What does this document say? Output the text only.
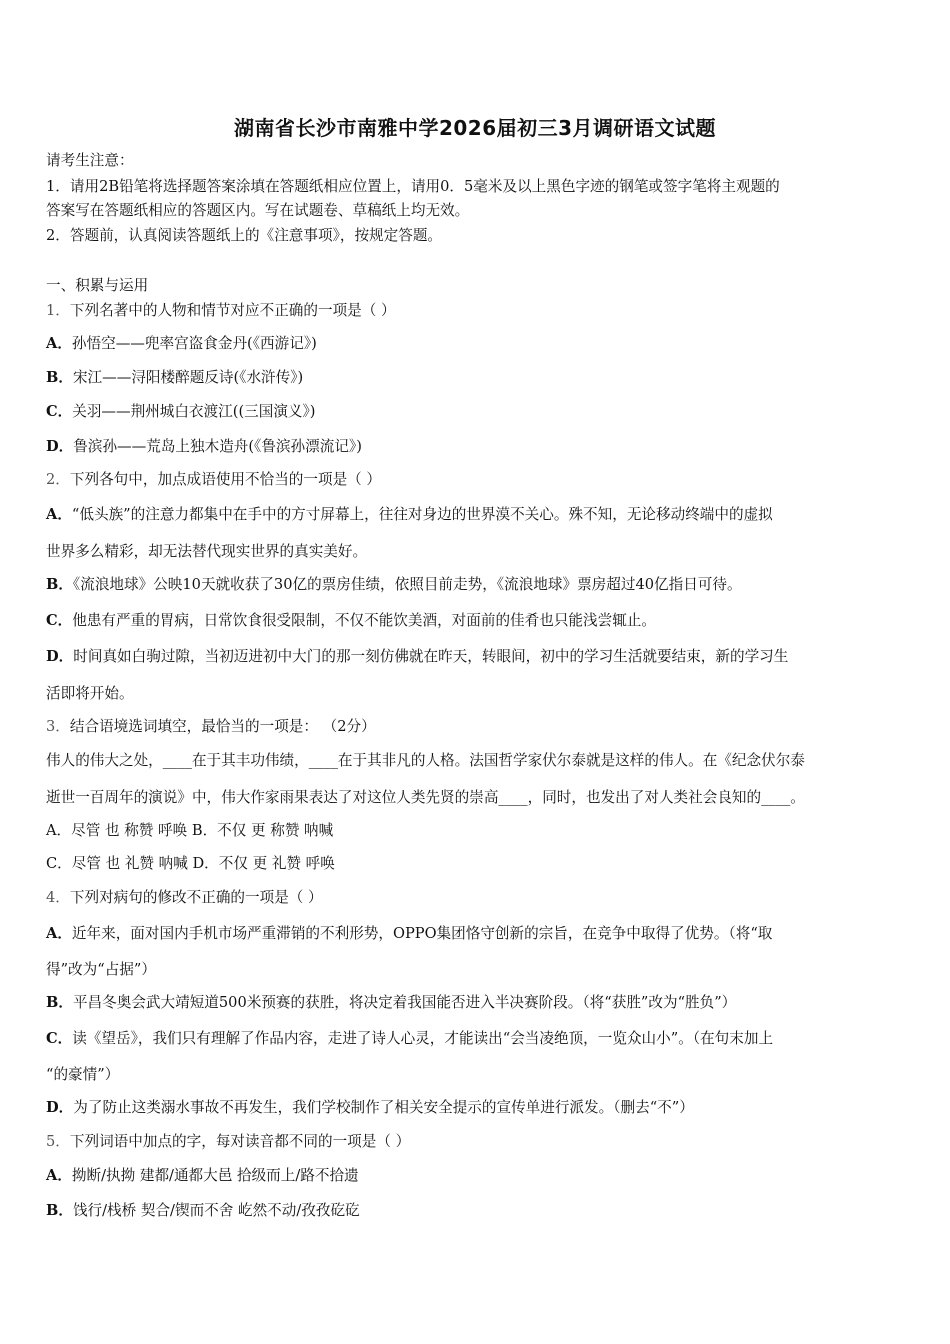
湖南省长沙市南雅中学2026届初三3月调研语文试题
请考生注意：
1．请用2B铅笔将选择题答案涂填在答题纸相应位置上，请用0．5毫米及以上黑色字迹的钢笔或签字笔将主观题的
答案写在答题纸相应的答题区内。写在试题卷、草稿纸上均无效。
2．答题前，认真阅读答题纸上的《注意事项》，按规定答题。
一、积累与运用
1．下列名著中的人物和情节对应不正确的一项是（ ）
A．孙悟空——兜率宫盗食金丹(《西游记》)
B．宋江——浔阳楼醉题反诗(《水浒传》)
C．关羽——荆州城白衣渡江((三国演义》)
D．鲁滨孙——荒岛上独木造舟(《鲁滨孙漂流记》)
2．下列各句中，加点成语使用不恰当的一项是（ ）
A．“低头族”的注意力都集中在手中的方寸屏幕上，往往对身边的世界漠不关心。殊不知，无论移动终端中的虚拟
世界多么精彩，却无法替代现实世界的真实美好。
B．《流浪地球》公映10天就收获了30亿的票房佳绩，依照目前走势，《流浪地球》票房超过40亿指日可待。
C．他患有严重的胃病，日常饮食很受限制，不仅不能饮美酒，对面前的佳肴也只能浅尝辄止。
D．时间真如白驹过隙，当初迈进初中大门的那一刻仿佛就在昨天，转眼间，初中的学习生活就要结束，新的学习生
活即将开始。
3．结合语境选词填空，最恰当的一项是： （2分）
伟人的伟大之处，____在于其丰功伟绩，____在于其非凡的人格。法国哲学家伏尔泰就是这样的伟人。在《纪念伏尔泰
逝世一百周年的演说》中，伟大作家雨果表达了对这位人类先贤的崇高____，同时，也发出了对人类社会良知的____。
A．尽管 也 称赞 呼唤 B．不仅 更 称赞 呐喊
C．尽管 也 礼赞 呐喊 D．不仅 更 礼赞 呼唤
4．下列对病句的修改不正确的一项是（ ）
A．近年来，面对国内手机市场严重滞销的不利形势，OPPO集团恪守创新的宗旨，在竞争中取得了优势。（将“取
得”改为“占据”）
B．平昌冬奥会武大靖短道500米预赛的获胜，将决定着我国能否进入半决赛阶段。（将“获胜”改为“胜负”）
C．读《望岳》，我们只有理解了作品内容，走进了诗人心灵，才能读出“会当凌绝顶，一览众山小”。（在句末加上
“的豪情”）
D．为了防止这类溺水事故不再发生，我们学校制作了相关安全提示的宣传单进行派发。（删去“不”）
5．下列词语中加点的字，每对读音都不同的一项是（ ）
A．拗断/执拗 建都/通都大邑 拾级而上/路不拾遗
B．饯行/栈桥 契合/锲而不舍 屹然不动/孜孜矻矻
